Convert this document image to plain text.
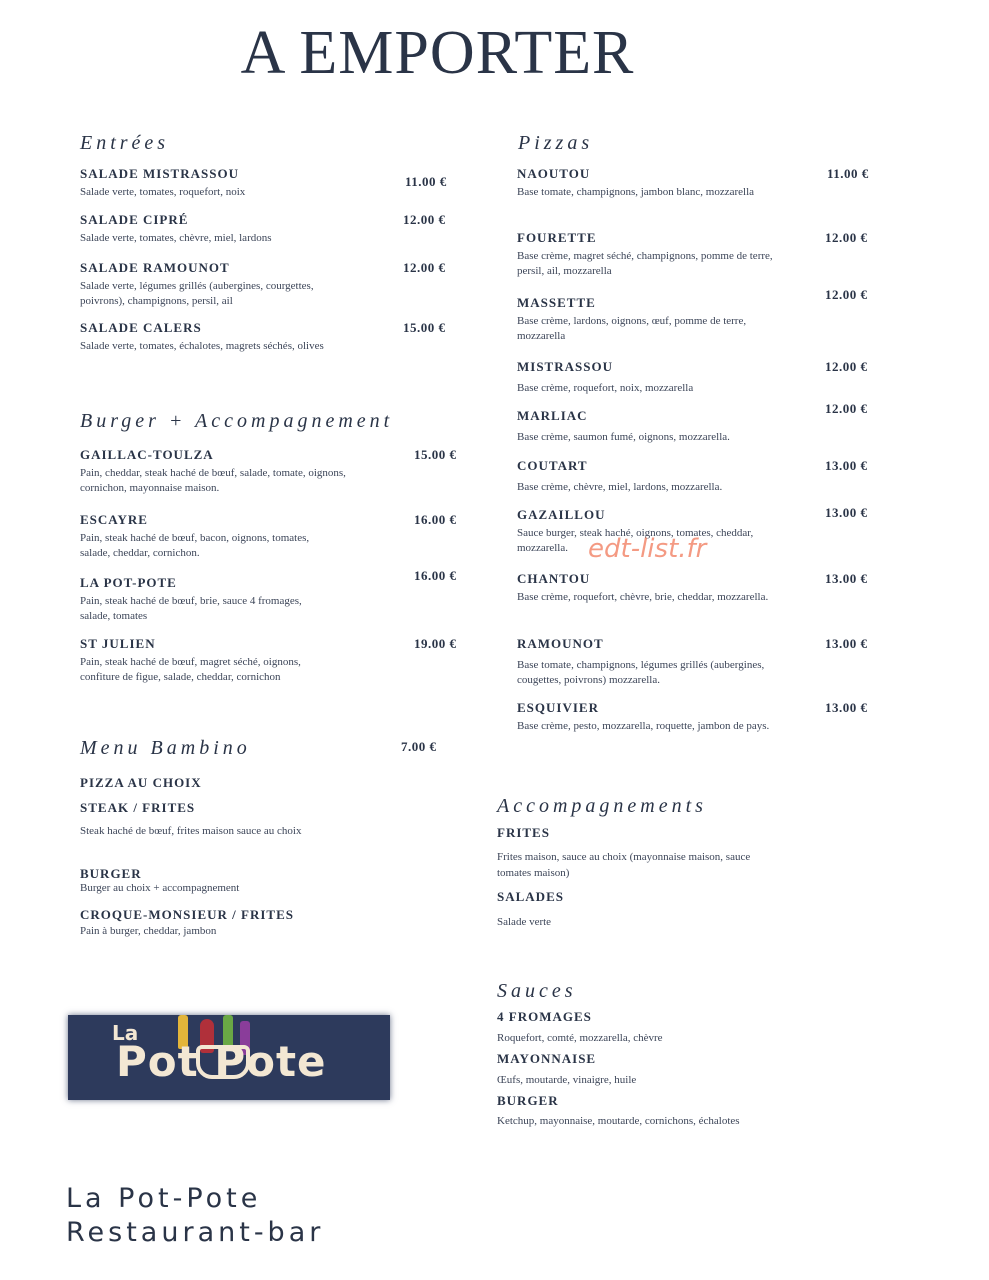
A EMPORTER
Entrées
SALADE MISTRASSOU
Salade verte, tomates, roquefort, noix
11.00 €
SALADE CIPRÉ
Salade verte, tomates, chèvre, miel, lardons
12.00 €
SALADE RAMOUNOT
Salade verte, légumes grillés (aubergines, courgettes, poivrons), champignons, persil, ail
12.00 €
SALADE CALERS
Salade verte, tomates, échalotes, magrets séchés, olives
15.00 €
Burger + Accompagnement
GAILLAC-TOULZA
Pain, cheddar, steak haché de bœuf, salade, tomate, oignons, cornichon, mayonnaise maison.
15.00 €
ESCAYRE
Pain, steak haché de bœuf, bacon, oignons, tomates, salade, cheddar, cornichon.
16.00 €
LA POT-POTE
Pain, steak haché de bœuf, brie, sauce 4 fromages, salade, tomates
16.00 €
ST JULIEN
Pain, steak haché de bœuf, magret séché, oignons, confiture de figue, salade, cheddar, cornichon
19.00 €
Menu Bambino	7.00 €
PIZZA AU CHOIX
STEAK / FRITES
Steak haché de bœuf, frites maison sauce au choix
BURGER
Burger au choix + accompagnement
CROQUE-MONSIEUR / FRITES
Pain à burger, cheddar, jambon
Pizzas
NAOUTOU
Base tomate, champignons, jambon blanc, mozzarella
11.00 €
FOURETTE
Base crème, magret séché, champignons, pomme de terre, persil, ail, mozzarella
12.00 €
MASSETTE
Base crème, lardons, oignons, œuf, pomme de terre, mozzarella
12.00 €
MISTRASSOU
Base crème, roquefort, noix, mozzarella
12.00 €
MARLIAC
Base crème, saumon fumé, oignons, mozzarella.
12.00 €
COUTART
Base crème, chèvre, miel, lardons, mozzarella.
13.00 €
GAZAILLOU
Sauce burger, steak haché, oignons, tomates, cheddar, mozzarella.
13.00 €
CHANTOU
Base crème, roquefort, chèvre, brie, cheddar, mozzarella.
13.00 €
RAMOUNOT
Base tomate, champignons, légumes grillés (aubergines, cougettes, poivrons) mozzarella.
13.00 €
ESQUIVIER
Base crème, pesto, mozzarella, roquette, jambon de pays.
13.00 €
edt-list.fr
Accompagnements
FRITES
Frites maison, sauce au choix (mayonnaise maison, sauce tomates maison)
SALADES
Salade verte
Sauces
4 FROMAGES
Roquefort, comté, mozzarella, chèvre
MAYONNAISE
Œufs, moutarde, vinaigre, huile
BURGER
Ketchup, mayonnaise, moutarde, cornichons, échalotes
La
Pot Pote
La Pot-Pote
Restaurant-bar
